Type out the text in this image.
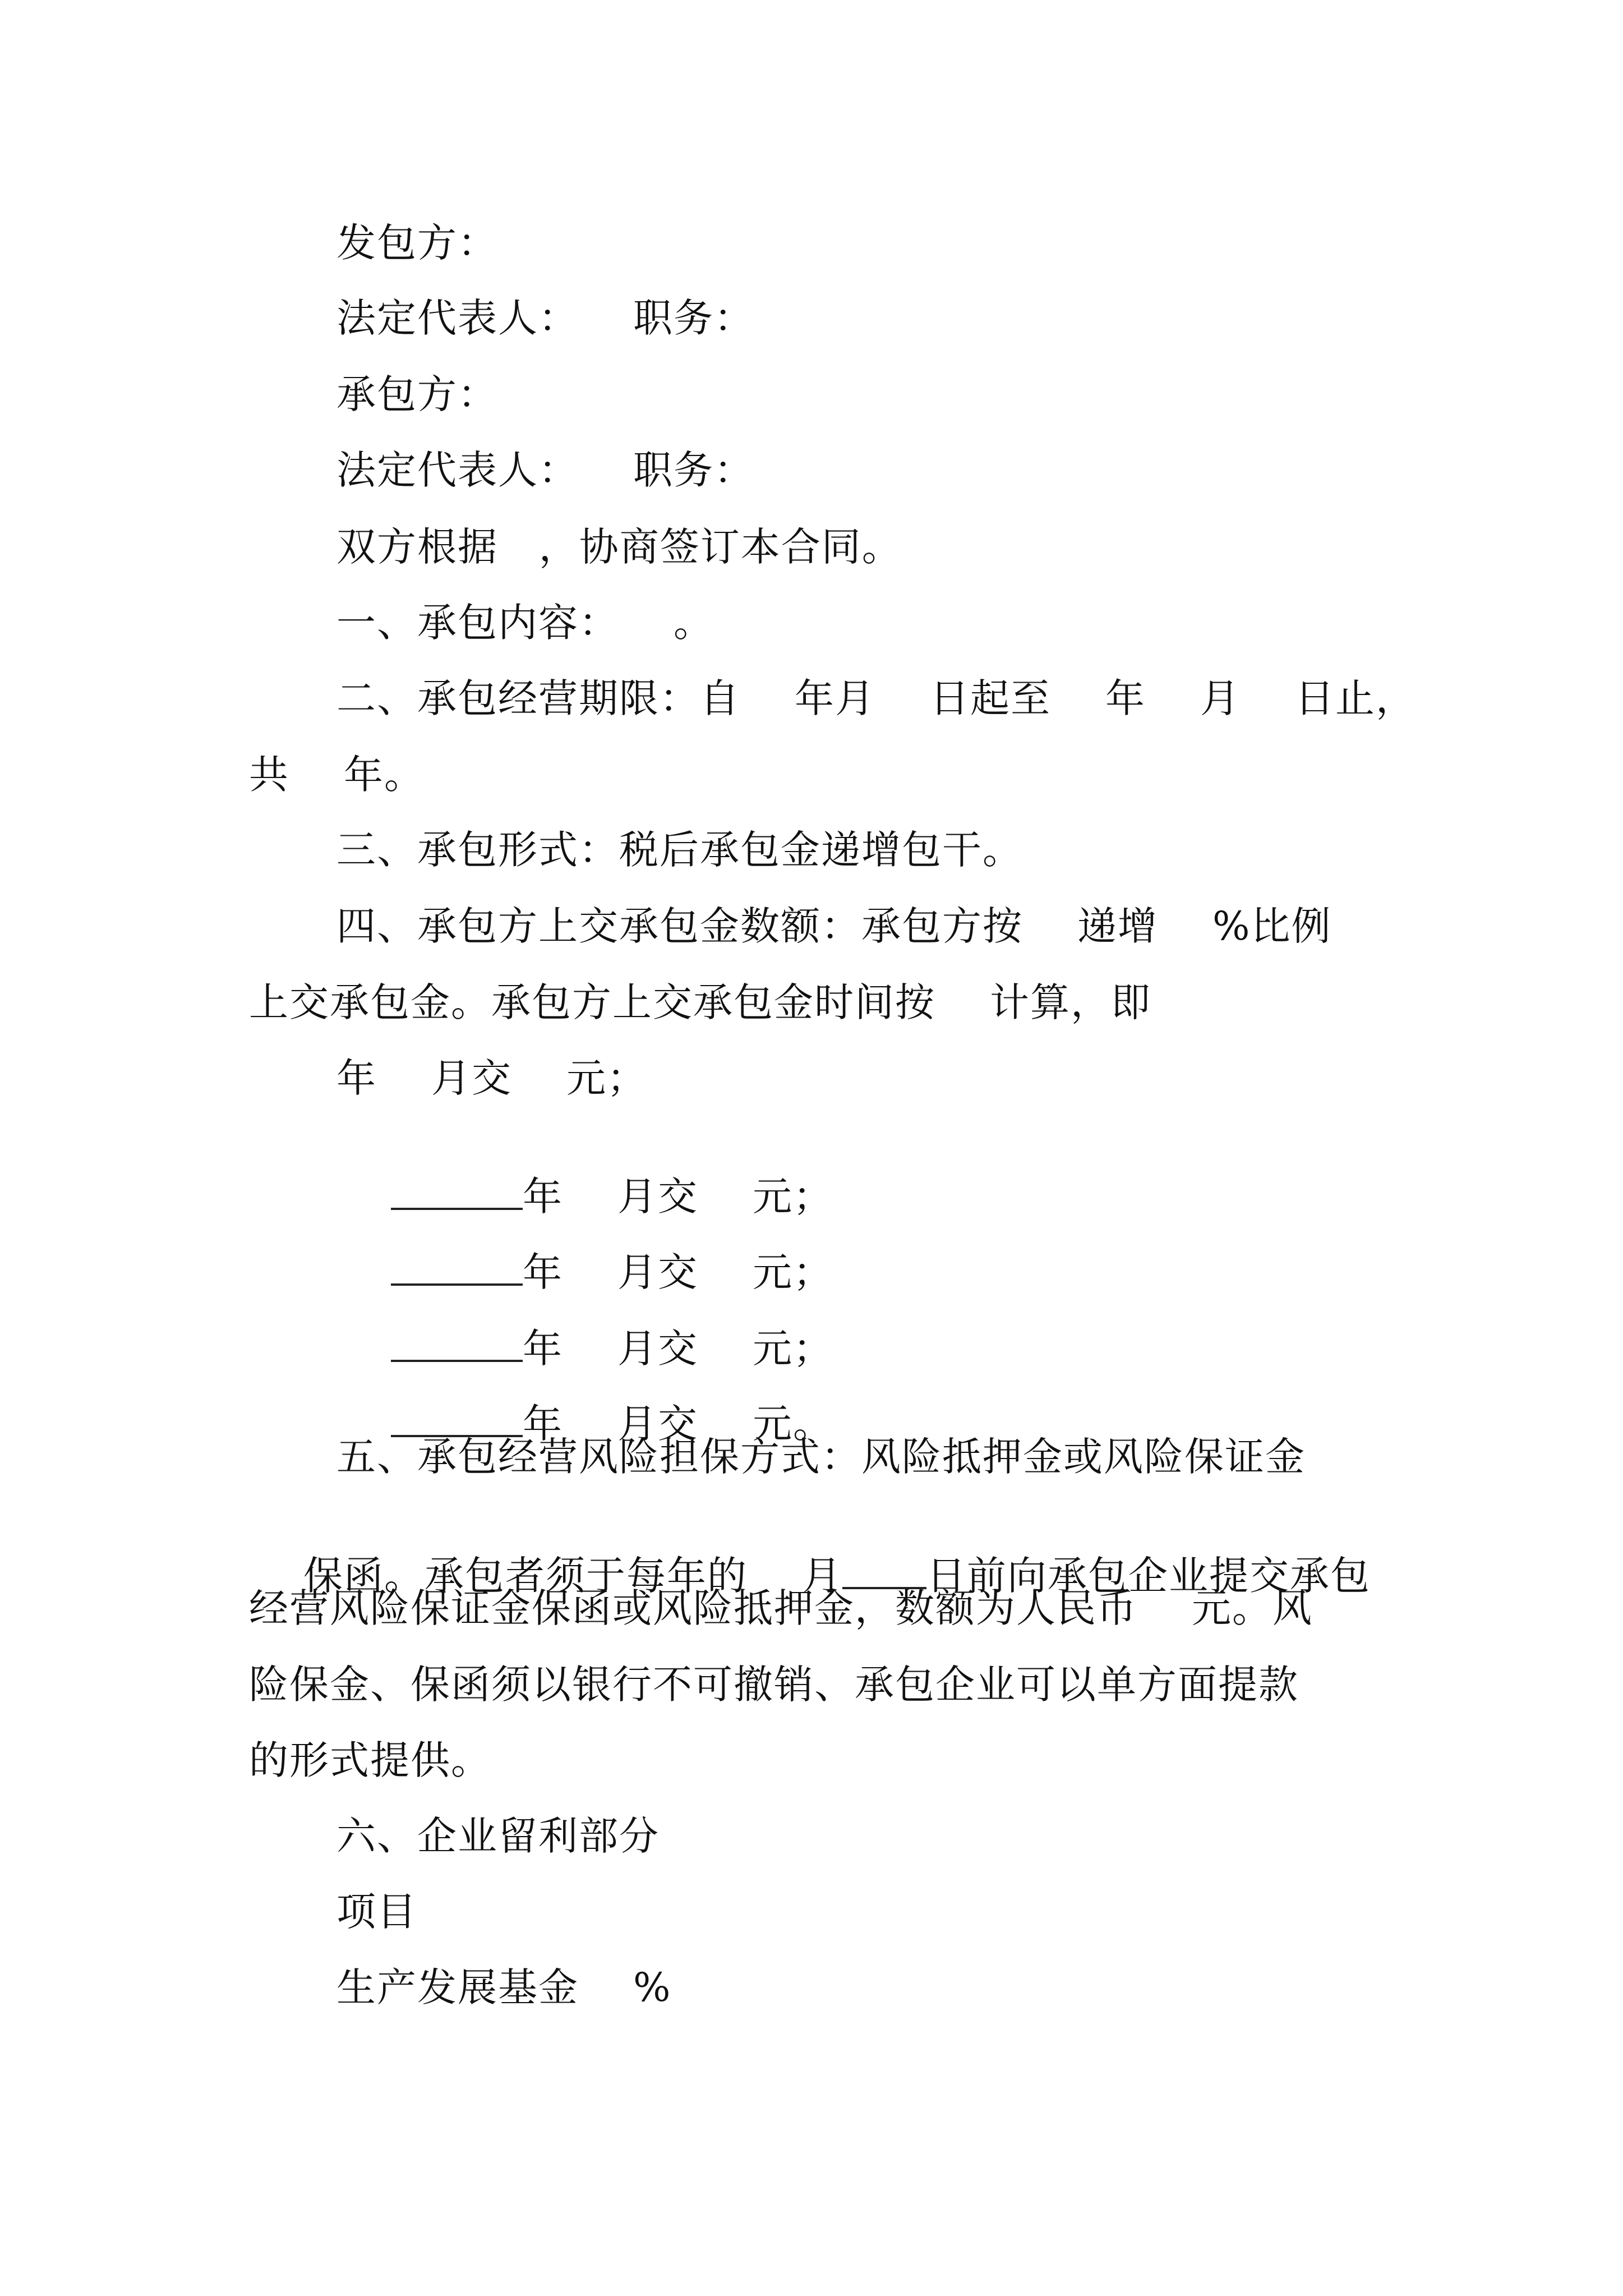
发包方：
法定代表人：    职务：
承包方：
法定代表人：    职务：
双方根据   ，协商签订本合同。
一、承包内容：    。
二、承包经营期限：自    年月    日起至    年    月    日止，
共    年。
三、承包形式：税后承包金递增包干。
四、承包方上交承包金数额：承包方按    递增    %比例
上交承包金。承包方上交承包金时间按    计算，即
年    月交    元；

年    月交    元；

年    月交    元；

年    月交    元；

年    月交    元。

五、承包经营风险担保方式：风险抵押金或风险保证金

保函。承包者须于每年的    月 日前向承包企业提交承包

经营风险保证金保函或风险抵押金，数额为人民币    元。风
险保金、保函须以银行不可撤销、承包企业可以单方面提款
的形式提供。
六、企业留利部分
项目
生产发展基金    %
